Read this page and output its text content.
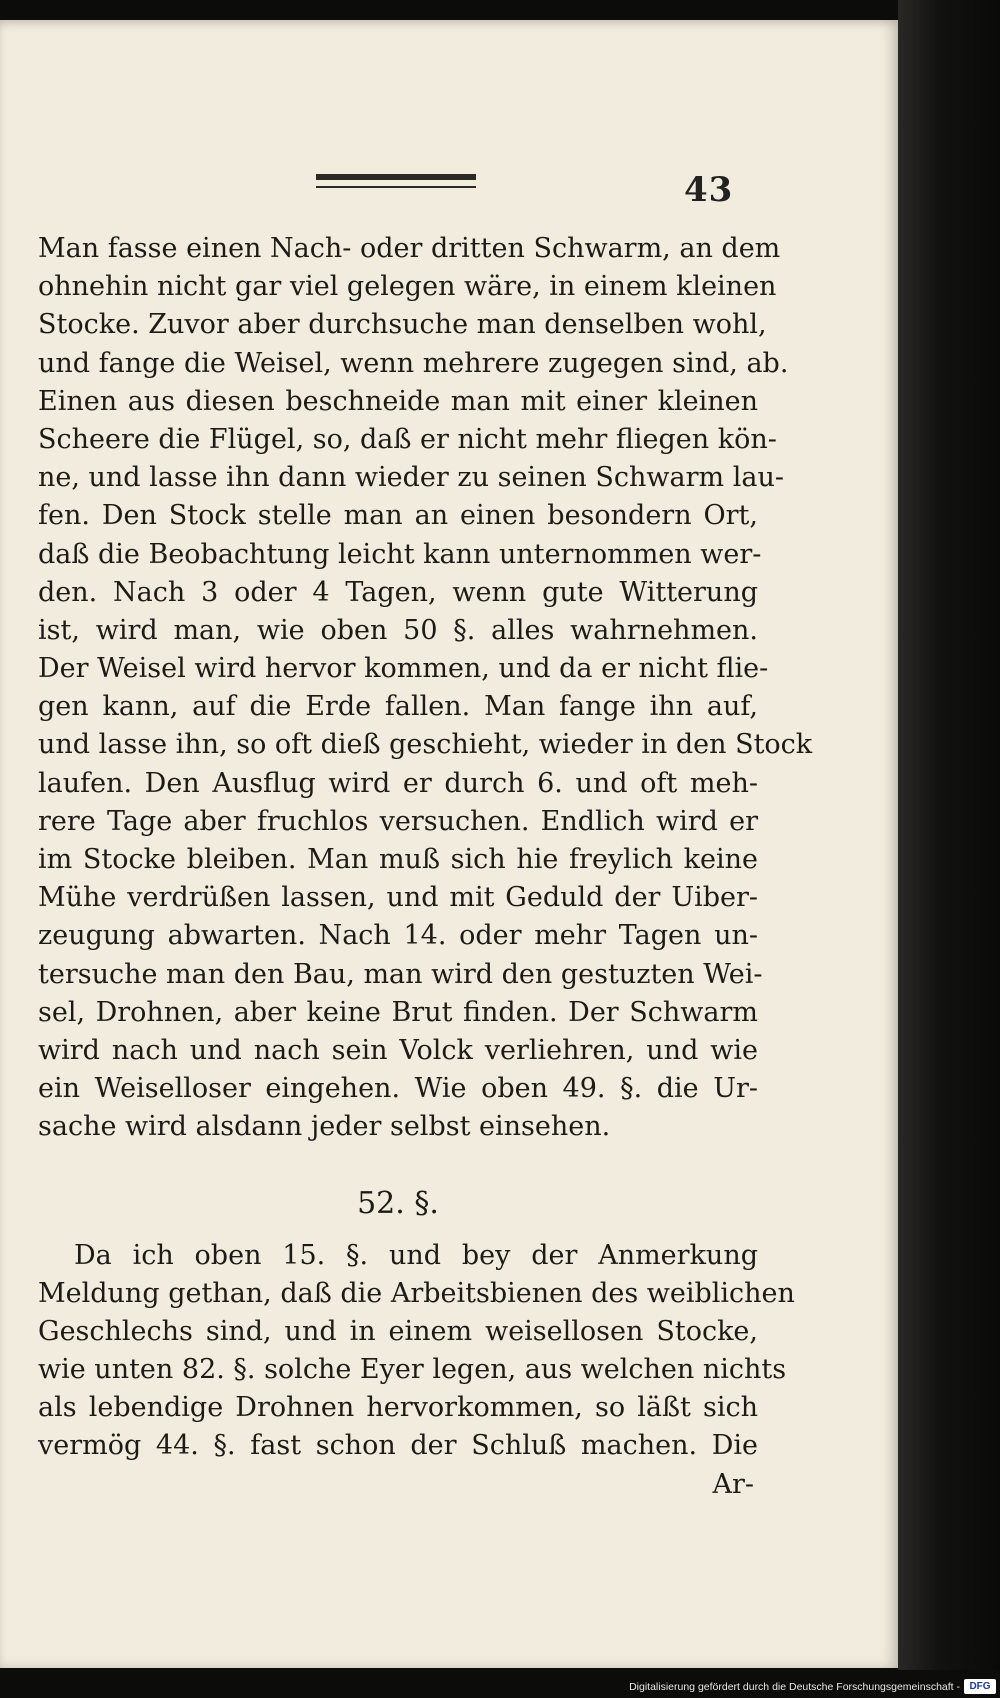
43
Man fasse einen Nach- oder dritten Schwarm, an dem
ohnehin nicht gar viel gelegen wäre, in einem kleinen
Stocke. Zuvor aber durchsuche man denselben wohl,
und fange die Weisel, wenn mehrere zugegen sind, ab.
Einen aus diesen beschneide man mit einer kleinen
Scheere die Flügel, so, daß er nicht mehr fliegen kön-
ne, und lasse ihn dann wieder zu seinen Schwarm lau-
fen. Den Stock stelle man an einen besondern Ort,
daß die Beobachtung leicht kann unternommen wer-
den. Nach 3 oder 4 Tagen, wenn gute Witterung
ist, wird man, wie oben 50 §. alles wahrnehmen.
Der Weisel wird hervor kommen, und da er nicht flie-
gen kann, auf die Erde fallen. Man fange ihn auf,
und lasse ihn, so oft dieß geschieht, wieder in den Stock
laufen. Den Ausflug wird er durch 6. und oft meh-
rere Tage aber fruchlos versuchen. Endlich wird er
im Stocke bleiben. Man muß sich hie freylich keine
Mühe verdrüßen lassen, und mit Geduld der Uiber-
zeugung abwarten. Nach 14. oder mehr Tagen un-
tersuche man den Bau, man wird den gestuzten Wei-
sel, Drohnen, aber keine Brut finden. Der Schwarm
wird nach und nach sein Volck verliehren, und wie
ein Weiselloser eingehen. Wie oben 49. §. die Ur-
sache wird alsdann jeder selbst einsehen.
52. §.
Da ich oben 15. §. und bey der Anmerkung
Meldung gethan, daß die Arbeitsbienen des weiblichen
Geschlechs sind, und in einem weisellosen Stocke,
wie unten 82. §. solche Eyer legen, aus welchen nichts
als lebendige Drohnen hervorkommen, so läßt sich
vermög 44. §. fast schon der Schluß machen. Die
Ar-
Digitalisierung gefördert durch die Deutsche Forschungsgemeinschaft - DFG
